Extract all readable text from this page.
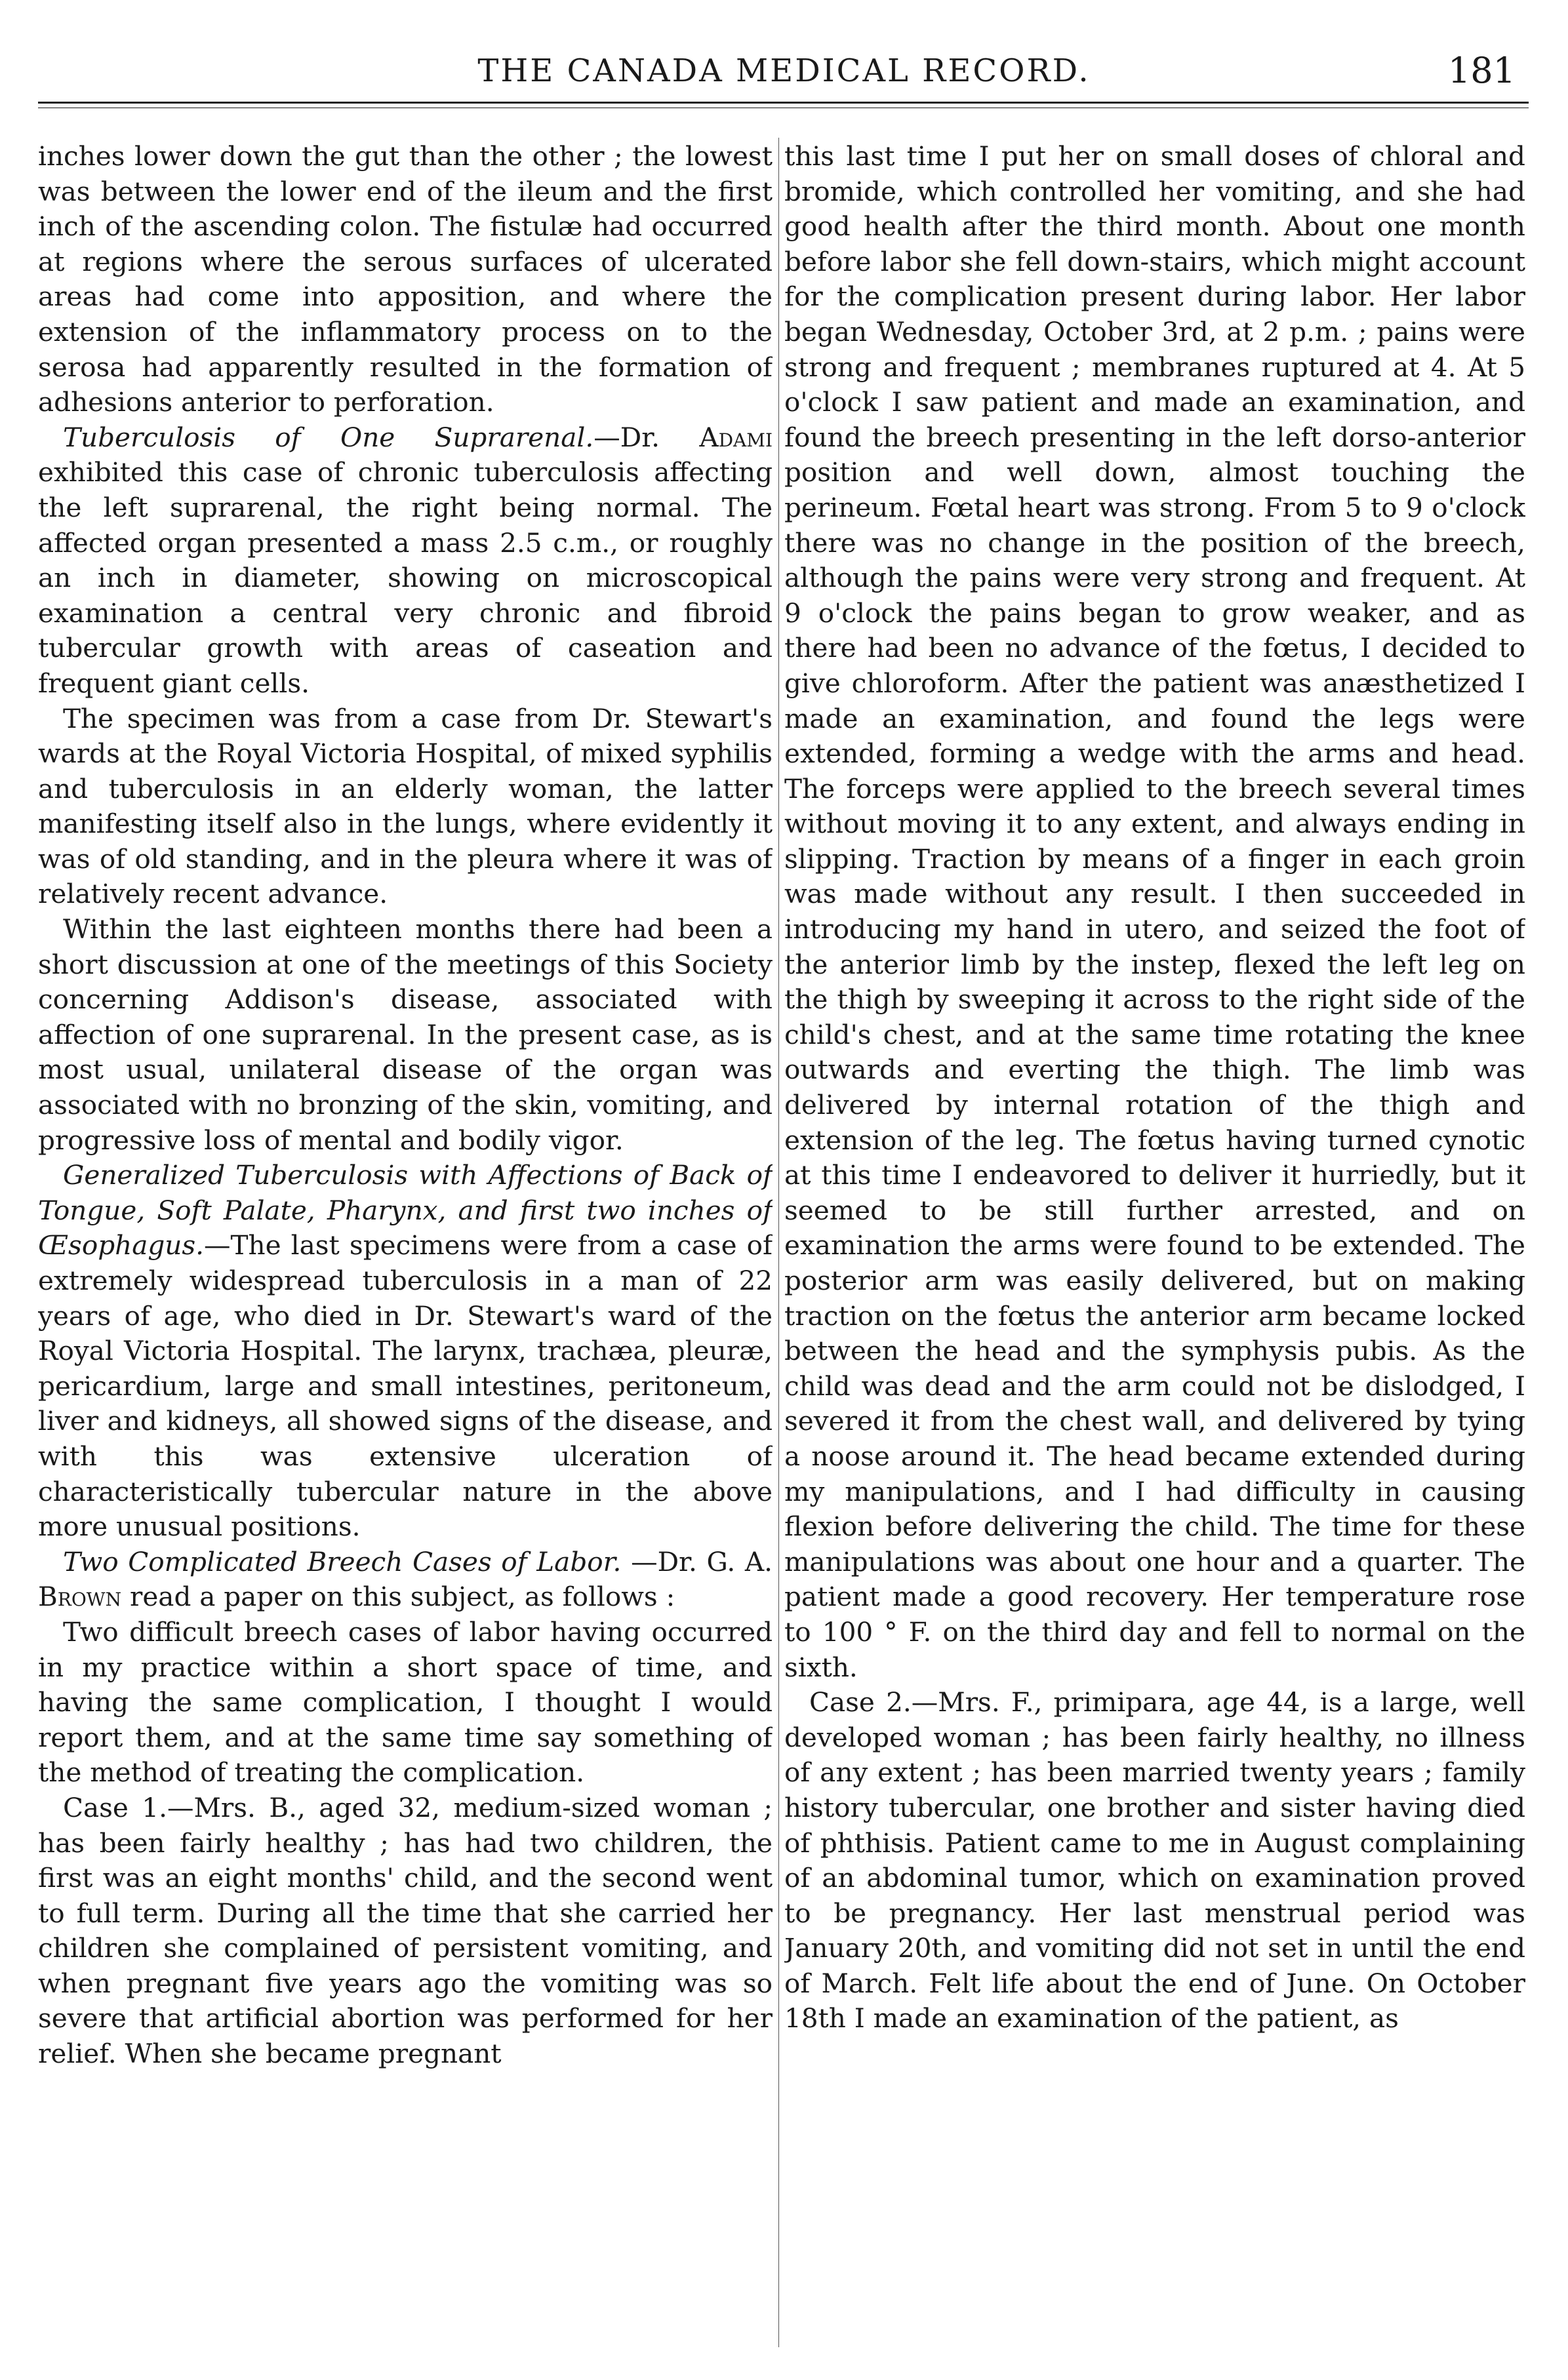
THE CANADA MEDICAL RECORD.	181

inches lower down the gut than the other ; the lowest was between the lower end of the ileum and the first inch of the ascending colon. The fistulæ had occurred at regions where the serous surfaces of ulcerated areas had come into apposition, and where the extension of the inflammatory process on to the serosa had apparently resulted in the formation of adhesions anterior to perforation.

Tuberculosis of One Suprarenal.—Dr. Adami exhibited this case of chronic tuberculosis affecting the left suprarenal, the right being normal. The affected organ presented a mass 2.5 c.m., or roughly an inch in diameter, showing on microscopical examination a central very chronic and fibroid tubercular growth with areas of caseation and frequent giant cells.

The specimen was from a case from Dr. Stewart's wards at the Royal Victoria Hospital, of mixed syphilis and tuberculosis in an elderly woman, the latter manifesting itself also in the lungs, where evidently it was of old standing, and in the pleura where it was of relatively recent advance.

Within the last eighteen months there had been a short discussion at one of the meetings of this Society concerning Addison's disease, associated with affection of one suprarenal. In the present case, as is most usual, unilateral disease of the organ was associated with no bronzing of the skin, vomiting, and progressive loss of mental and bodily vigor.

Generalized Tuberculosis with Affections of Back of Tongue, Soft Palate, Pharynx, and first two inches of Œsophagus.—The last specimens were from a case of extremely widespread tuberculosis in a man of 22 years of age, who died in Dr. Stewart's ward of the Royal Victoria Hospital. The larynx, trachæa, pleuræ, pericardium, large and small intestines, peritoneum, liver and kidneys, all showed signs of the disease, and with this was extensive ulceration of characteristically tubercular nature in the above more unusual positions.

Two Complicated Breech Cases of Labor. —Dr. G. A. Brown read a paper on this subject, as follows :

Two difficult breech cases of labor having occurred in my practice within a short space of time, and having the same complication, I thought I would report them, and at the same time say something of the method of treating the complication.

Case 1.—Mrs. B., aged 32, medium-sized woman ; has been fairly healthy ; has had two children, the first was an eight months' child, and the second went to full term. During all the time that she carried her children she complained of persistent vomiting, and when pregnant five years ago the vomiting was so severe that artificial abortion was performed for her relief. When she became pregnant

this last time I put her on small doses of chloral and bromide, which controlled her vomiting, and she had good health after the third month. About one month before labor she fell down-stairs, which might account for the complication present during labor. Her labor began Wednesday, October 3rd, at 2 p.m. ; pains were strong and frequent ; membranes ruptured at 4. At 5 o'clock I saw patient and made an examination, and found the breech presenting in the left dorso-anterior position and well down, almost touching the perineum. Fœtal heart was strong. From 5 to 9 o'clock there was no change in the position of the breech, although the pains were very strong and frequent. At 9 o'clock the pains began to grow weaker, and as there had been no advance of the fœtus, I decided to give chloroform. After the patient was anæsthetized I made an examination, and found the legs were extended, forming a wedge with the arms and head. The forceps were applied to the breech several times without moving it to any extent, and always ending in slipping. Traction by means of a finger in each groin was made without any result. I then succeeded in introducing my hand in utero, and seized the foot of the anterior limb by the instep, flexed the left leg on the thigh by sweeping it across to the right side of the child's chest, and at the same time rotating the knee outwards and everting the thigh. The limb was delivered by internal rotation of the thigh and extension of the leg. The fœtus having turned cynotic at this time I endeavored to deliver it hurriedly, but it seemed to be still further arrested, and on examination the arms were found to be extended. The posterior arm was easily delivered, but on making traction on the fœtus the anterior arm became locked between the head and the symphysis pubis. As the child was dead and the arm could not be dislodged, I severed it from the chest wall, and delivered by tying a noose around it. The head became extended during my manipulations, and I had difficulty in causing flexion before delivering the child. The time for these manipulations was about one hour and a quarter. The patient made a good recovery. Her temperature rose to 100 ° F. on the third day and fell to normal on the sixth.

Case 2.—Mrs. F., primipara, age 44, is a large, well developed woman ; has been fairly healthy, no illness of any extent ; has been married twenty years ; family history tubercular, one brother and sister having died of phthisis. Patient came to me in August complaining of an abdominal tumor, which on examination proved to be pregnancy. Her last menstrual period was January 20th, and vomiting did not set in until the end of March. Felt life about the end of June. On October 18th I made an examination of the patient, as
